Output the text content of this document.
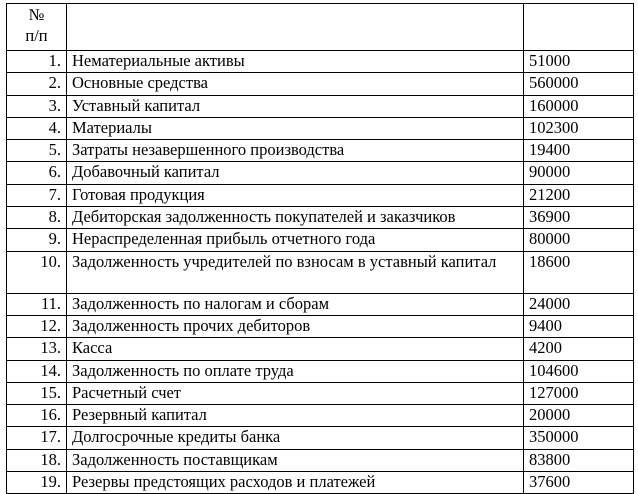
№
п/п		

1.	Нематериальные активы	51000
2.	Основные средства	560000
3.	Уставный капитал	160000
4.	Материалы	102300
5.	Затраты незавершенного производства	19400
6.	Добавочный капитал	90000
7.	Готовая продукция	21200
8.	Дебиторская задолженность покупателей и заказчиков	36900
9.	Нераспределенная прибыль отчетного года	80000
10.	Задолженность учредителей по взносам в уставный капитал	18600
11.	Задолженность по налогам и сборам	24000
12.	Задолженность прочих дебиторов	9400
13.	Касса	4200
14.	Задолженность по оплате труда	104600
15.	Расчетный счет	127000
16.	Резервный капитал	20000
17.	Долгосрочные кредиты банка	350000
18.	Задолженность поставщикам	83800
19.	Резервы предстоящих расходов и платежей	37600
